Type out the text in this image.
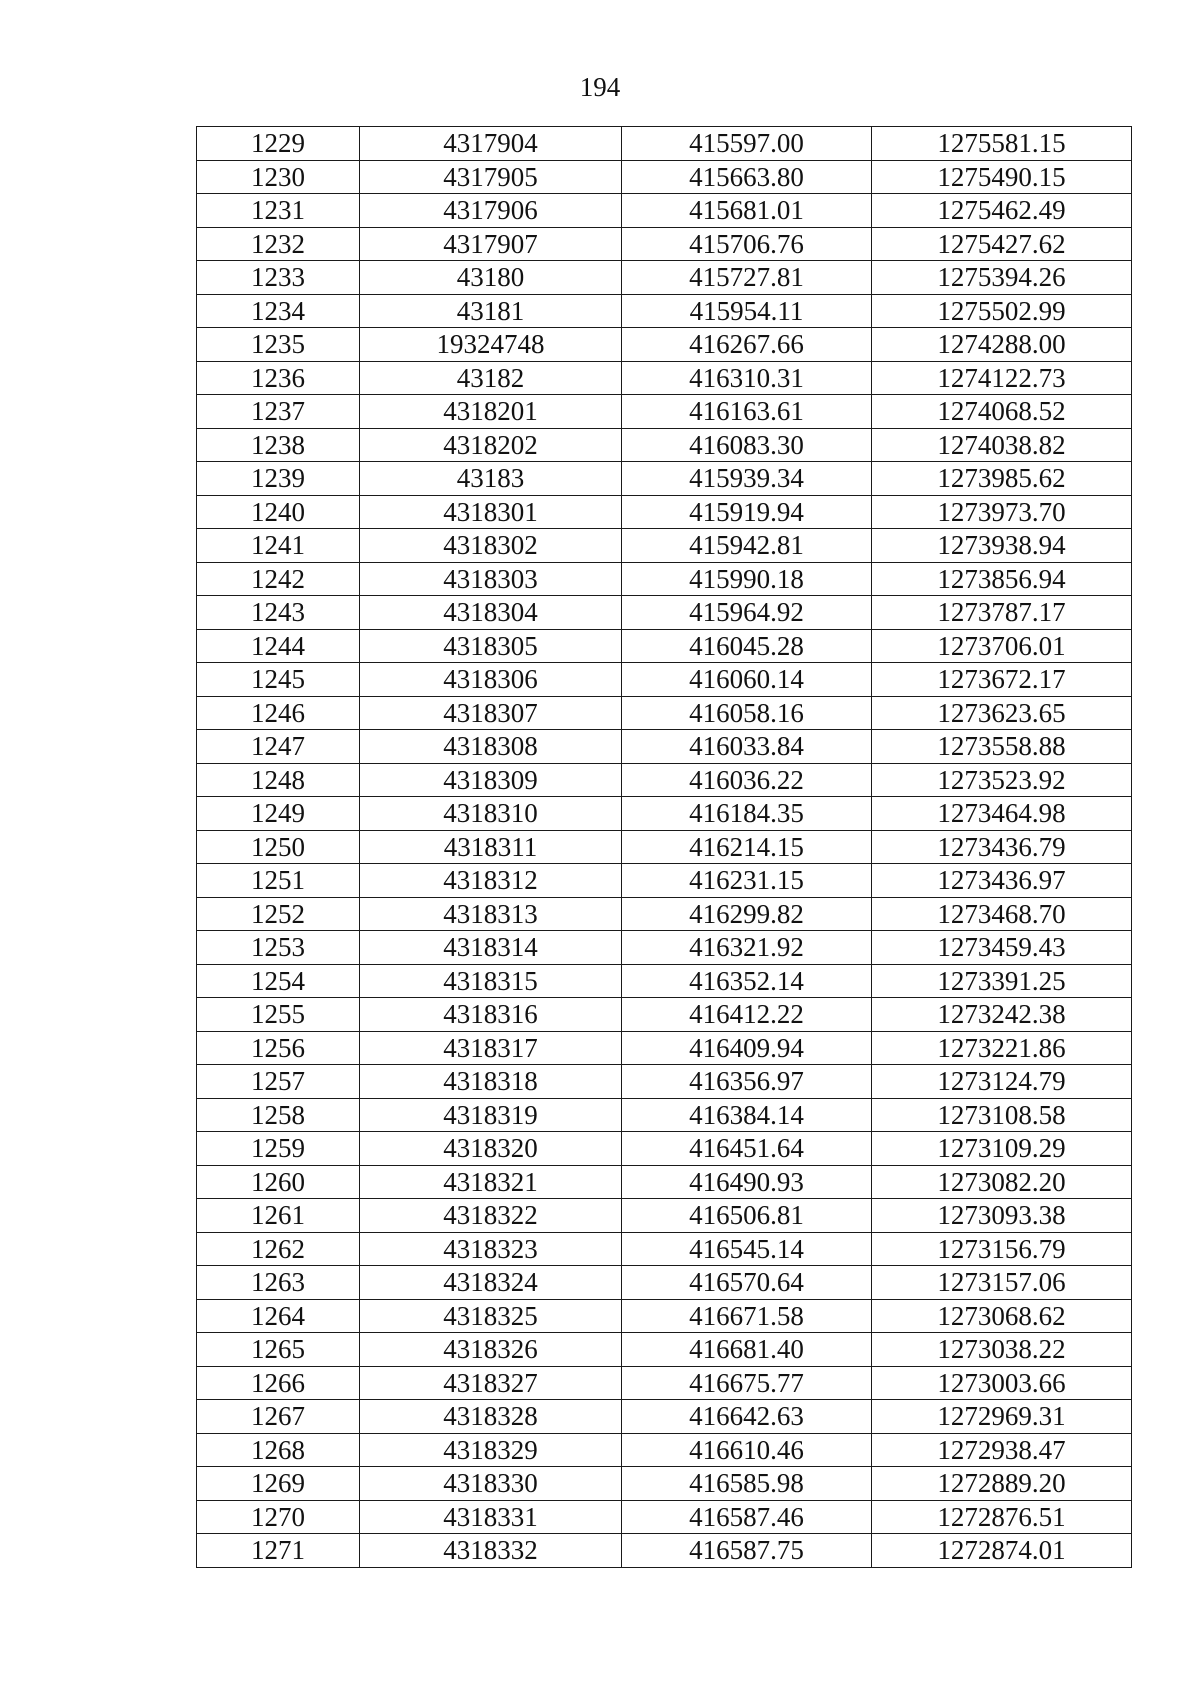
194
1229	4317904	415597.00	1275581.15
1230	4317905	415663.80	1275490.15
1231	4317906	415681.01	1275462.49
1232	4317907	415706.76	1275427.62
1233	43180	415727.81	1275394.26
1234	43181	415954.11	1275502.99
1235	19324748	416267.66	1274288.00
1236	43182	416310.31	1274122.73
1237	4318201	416163.61	1274068.52
1238	4318202	416083.30	1274038.82
1239	43183	415939.34	1273985.62
1240	4318301	415919.94	1273973.70
1241	4318302	415942.81	1273938.94
1242	4318303	415990.18	1273856.94
1243	4318304	415964.92	1273787.17
1244	4318305	416045.28	1273706.01
1245	4318306	416060.14	1273672.17
1246	4318307	416058.16	1273623.65
1247	4318308	416033.84	1273558.88
1248	4318309	416036.22	1273523.92
1249	4318310	416184.35	1273464.98
1250	4318311	416214.15	1273436.79
1251	4318312	416231.15	1273436.97
1252	4318313	416299.82	1273468.70
1253	4318314	416321.92	1273459.43
1254	4318315	416352.14	1273391.25
1255	4318316	416412.22	1273242.38
1256	4318317	416409.94	1273221.86
1257	4318318	416356.97	1273124.79
1258	4318319	416384.14	1273108.58
1259	4318320	416451.64	1273109.29
1260	4318321	416490.93	1273082.20
1261	4318322	416506.81	1273093.38
1262	4318323	416545.14	1273156.79
1263	4318324	416570.64	1273157.06
1264	4318325	416671.58	1273068.62
1265	4318326	416681.40	1273038.22
1266	4318327	416675.77	1273003.66
1267	4318328	416642.63	1272969.31
1268	4318329	416610.46	1272938.47
1269	4318330	416585.98	1272889.20
1270	4318331	416587.46	1272876.51
1271	4318332	416587.75	1272874.01
